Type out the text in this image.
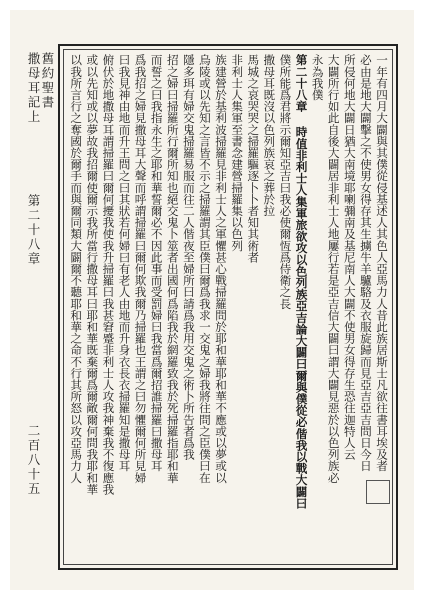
舊約聖書
撒母耳記上
第二十八章
二百八十五	一年有四月大闢與其僕從侵基述人其色人亞馬力人昔此族居斯士凡欲往書耳埃及者
必由是地大闢擊之不使男女得存其生擄牛羊驢駱及衣服旋歸而見亞吉亞吉問日今日
所侵何地大闢日猶大南境耶喇彌南及基尼南人大闢不使男女得存生恐往迦特人云
大闢所行如此自後大闢居非利士人地屢行若是亞吉信大闢曰謂大闢見惡於以色列族必
永為我僕
第二十八章 時值非利士人集軍旅欲攻以色列族亞吉論大闢曰爾與僕從必偕我以戰大闢曰
僕所能爲君將示爾知亞吉曰我必使爾恆爲侍衛之長
撒母耳既沒以色列族哀之葬於拉
馬城之哀哭哭之掃羅驅逐卜卜者知其術者
非利士人集軍至書念建營掃羅集以色列
族建營於基利波掃羅見非利士人之軍懼甚心戰掃羅問於耶和華耶和華不應或以夢或以
烏陵或以先知之言皆不示之掃羅謂其臣僕曰爾爲我求一交鬼之婦我將往問之臣僕曰在
隱多珥有婦交鬼掃羅易服而往二人偕夜至婦所曰請爲我用交鬼之術卜所告者爲我
招之婦曰掃羅所行爾所知也絕交鬼卜筮者出國何爲陷我於網羅致我於死掃羅指耶和華
而誓之曰我指永生之耶和華誓爾必不因此事而受罰婦曰我當爲爾招誰掃羅曰撒母耳
爲我招之婦見撒母耳大聲而呼謂掃羅曰爾何欺我爾乃掃羅也王謂之曰勿懼爾何所見婦
曰我見神由地而升王問之曰其狀若何婦曰有老人由地而升身衣長衣掃羅知是撒母耳
俯伏於地撒母耳謂掃羅曰爾何擾我使我升掃羅曰我甚窘蹙非利士人攻我神棄我不復應我
或以先知或以夢故我招爾使爾示我所當行撒母耳曰耶和華既棄爾爲爾敵爾何問我耶和華
以我所言行之奪國於爾手而與爾同類大闢爾不聽耶和華之命不行其所怒以攻亞馬力人
